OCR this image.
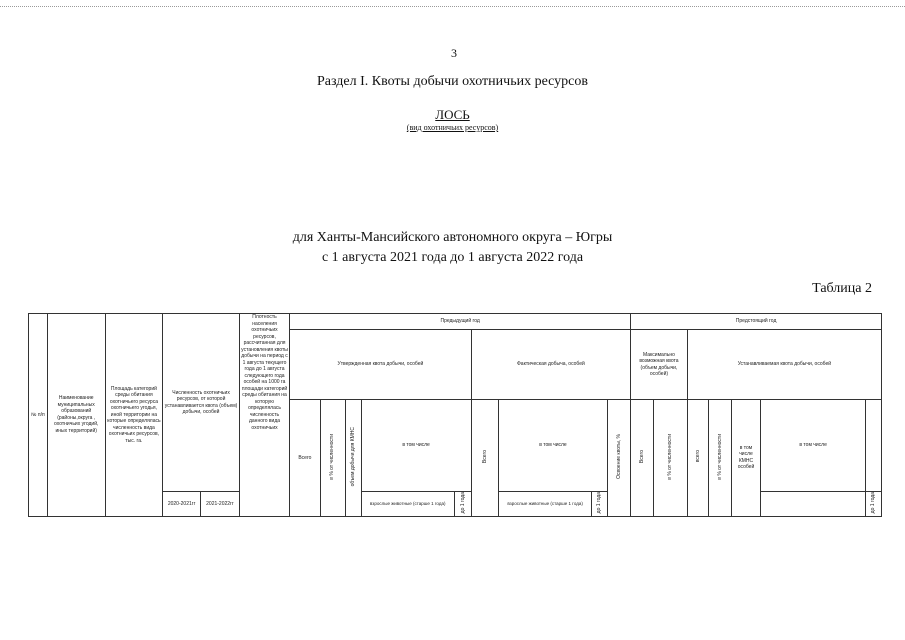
3
Раздел I. Квоты добычи охотничьих ресурсов
ЛОСЬ
(вид охотничьих ресурсов)
для Ханты-Мансийского автономного округа – Югры
с 1 августа 2021 года до 1 августа 2022 года
Таблица 2
№ п/п	Наименование муниципальных образований (районы,округа , охотничьих угодий, иных территорий)	Площадь категорий среды обитания охотничьего ресурса охотничьего угодья, иной территории на которые определялась численность вида охотничьих ресурсов, тыс. га.	Численность охотничьих ресурсов, от которой устанавливается квота (объем) добычи, особей		Плотность населения охотничьих ресурсов, рассчитанная для установления квоты добычи на период с 1 августа текущего года до 1 августа следующего года особей на 1000 га площади категорий среды обитания на которую определялась численность данного вида охотничьих	Предыдущий год									Предстоящий год						
						Утвержденная квота добычи, особей					Фактическая добыча, особей				Максимально возможная квота (объем добычи, особей)		Устанавливаемая квота добычи, особей				
						Всего	в % от численности	объем добычи для КМНС	в том числе		Всего	в том числе		Освоение квоты, %	Всего	в % от численности	всего	в % от численности	в том числе КМНС особей	в том числе	
			2020-2021гг	2021-2022гг					взрослые животные (старше 1 года)	до 1 года		взрослые животные (старше 1 года)	до 1 года								до 1 года
